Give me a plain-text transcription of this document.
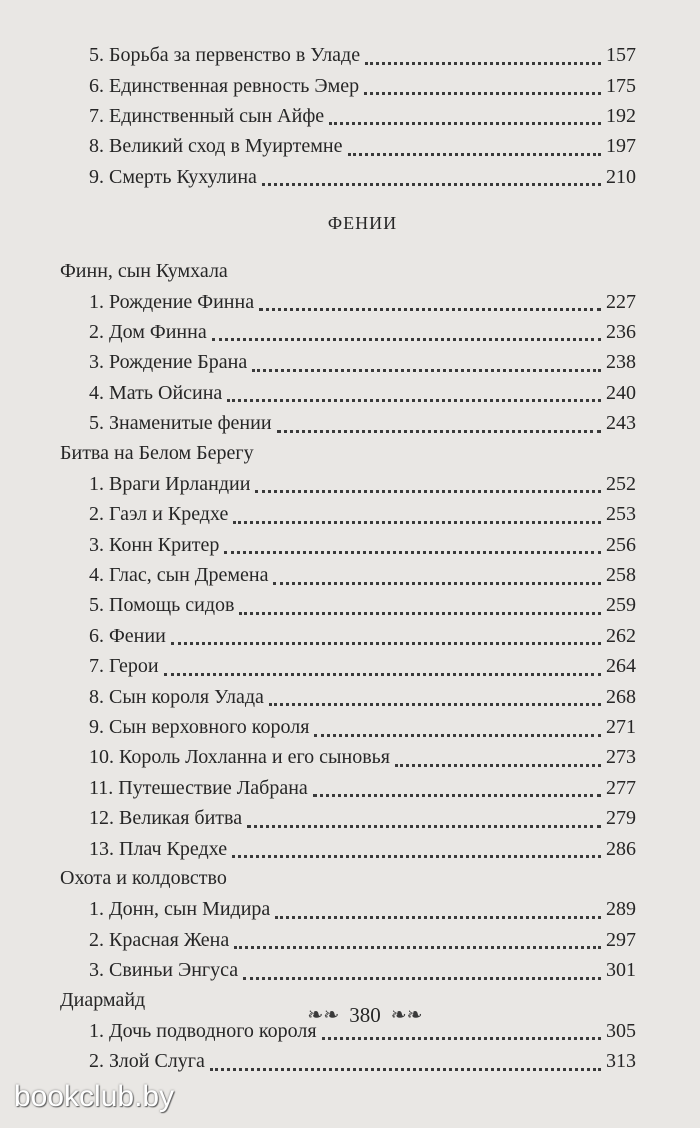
5. Борьба за первенство в Уладе	157
6. Единственная ревность Эмер	175
7. Единственный сын Айфе	192
8. Великий сход в Муиртемне	197
9. Смерть Кухулина	210
ФЕНИИ
Финн, сын Кумхала
1. Рождение Финна	227
2. Дом Финна	236
3. Рождение Брана	238
4. Мать Ойсина	240
5. Знаменитые фении	243
Битва на Белом Берегу
1. Враги Ирландии	252
2. Гаэл и Кредхе	253
3. Конн Критер	256
4. Глас, сын Дремена	258
5. Помощь сидов	259
6. Фении	262
7. Герои	264
8. Сын короля Улада	268
9. Сын верховного короля	271
10. Король Лохланна и его сыновья	273
11. Путешествие Лабрана	277
12. Великая битва	279
13. Плач Кредхе	286
Охота и колдовство
1. Донн, сын Мидира	289
2. Красная Жена	297
3. Свиньи Энгуса	301
Диармайд
1. Дочь подводного короля	305
2. Злой Слуга	313
❧❧ 380 ❧❧
bookclub.by
